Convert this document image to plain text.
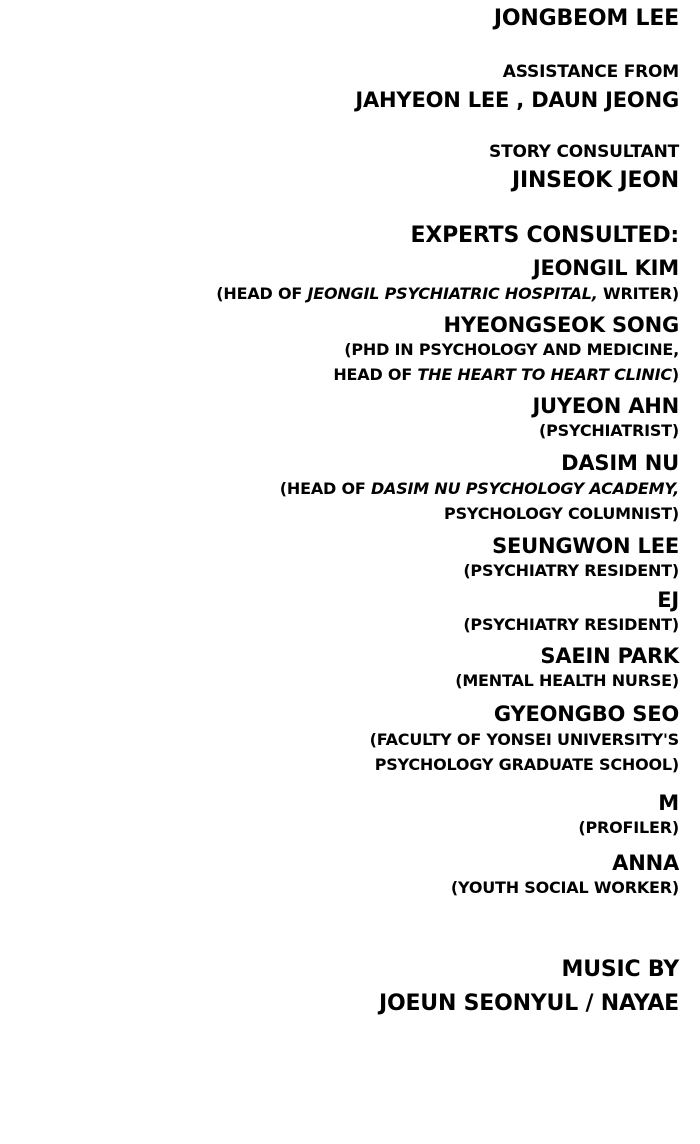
JONGBEOM LEE
ASSISTANCE FROM
JAHYEON LEE , DAUN JEONG
STORY CONSULTANT
JINSEOK JEON
EXPERTS CONSULTED:
JEONGIL KIM
(HEAD OF JEONGIL PSYCHIATRIC HOSPITAL, WRITER)
HYEONGSEOK SONG
(PHD IN PSYCHOLOGY AND MEDICINE,
HEAD OF THE HEART TO HEART CLINIC)
JUYEON AHN
(PSYCHIATRIST)
DASIM NU
(HEAD OF DASIM NU PSYCHOLOGY ACADEMY,
PSYCHOLOGY COLUMNIST)
SEUNGWON LEE
(PSYCHIATRY RESIDENT)
EJ
(PSYCHIATRY RESIDENT)
SAEIN PARK
(MENTAL HEALTH NURSE)
GYEONGBO SEO
(FACULTY OF YONSEI UNIVERSITY'S
PSYCHOLOGY GRADUATE SCHOOL)
M
(PROFILER)
ANNA
(YOUTH SOCIAL WORKER)
MUSIC BY
JOEUN SEONYUL / NAYAE
